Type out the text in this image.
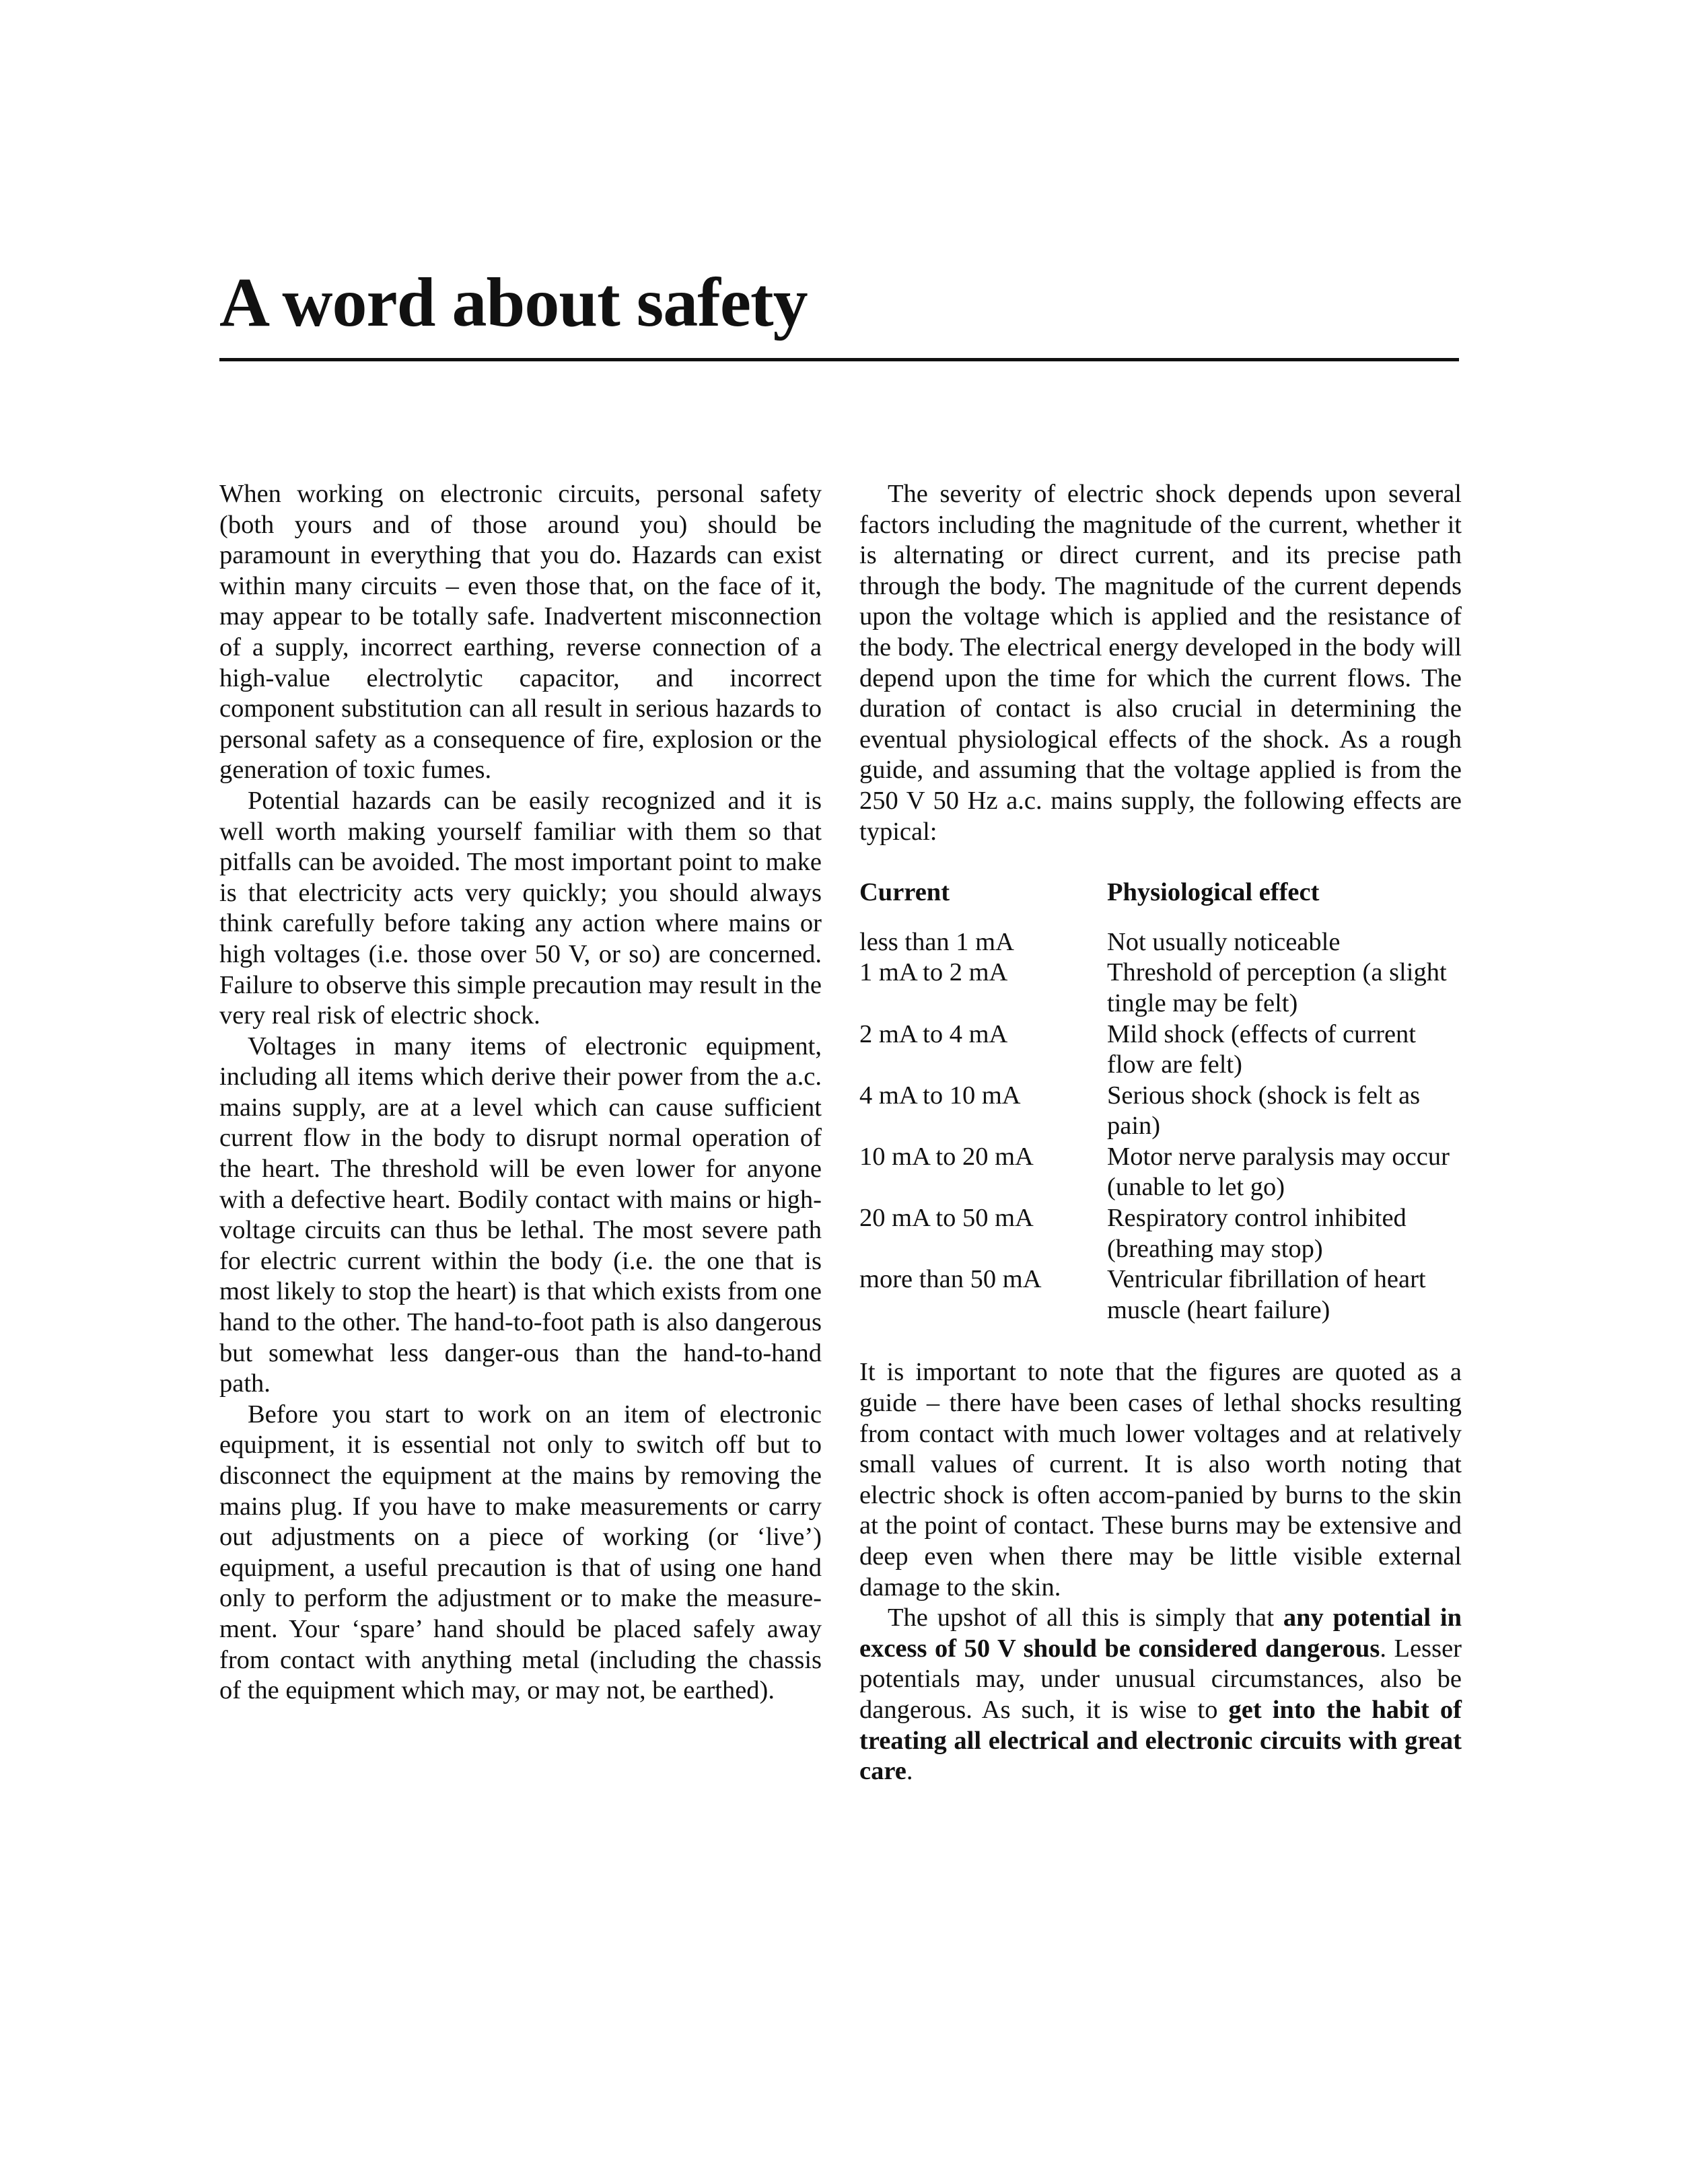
A word about safety

When working on electronic circuits, personal safety (both yours and of those around you) should be paramount in everything that you do. Hazards can exist within many circuits – even those that, on the face of it, may appear to be totally safe. Inadvertent misconnection of a supply, incorrect earthing, reverse connection of a high-value electrolytic capacitor, and incorrect component substitution can all result in serious hazards to personal safety as a consequence of fire, explosion or the generation of toxic fumes.

Potential hazards can be easily recognized and it is well worth making yourself familiar with them so that pitfalls can be avoided. The most important point to make is that electricity acts very quickly; you should always think carefully before taking any action where mains or high voltages (i.e. those over 50 V, or so) are concerned. Failure to observe this simple precaution may result in the very real risk of electric shock.

Voltages in many items of electronic equipment, including all items which derive their power from the a.c. mains supply, are at a level which can cause sufficient current flow in the body to disrupt normal operation of the heart. The threshold will be even lower for anyone with a defective heart. Bodily contact with mains or high-voltage circuits can thus be lethal. The most severe path for electric current within the body (i.e. the one that is most likely to stop the heart) is that which exists from one hand to the other. The hand-to-foot path is also dangerous but somewhat less danger-ous than the hand-to-hand path.

Before you start to work on an item of electronic equipment, it is essential not only to switch off but to disconnect the equipment at the mains by removing the mains plug. If you have to make measurements or carry out adjustments on a piece of working (or ‘live’) equipment, a useful precaution is that of using one hand only to perform the adjustment or to make the measure-ment. Your ‘spare’ hand should be placed safely away from contact with anything metal (including the chassis of the equipment which may, or may not, be earthed).

The severity of electric shock depends upon several factors including the magnitude of the current, whether it is alternating or direct current, and its precise path through the body. The magnitude of the current depends upon the voltage which is applied and the resistance of the body. The electrical energy developed in the body will depend upon the time for which the current flows. The duration of contact is also crucial in determining the eventual physiological effects of the shock. As a rough guide, and assuming that the voltage applied is from the 250 V 50 Hz a.c. mains supply, the following effects are typical:

Current	Physiological effect
less than 1 mA	Not usually noticeable
1 mA to 2 mA	Threshold of perception (a slight tingle may be felt)
2 mA to 4 mA	Mild shock (effects of current flow are felt)
4 mA to 10 mA	Serious shock (shock is felt as pain)
10 mA to 20 mA	Motor nerve paralysis may occur (unable to let go)
20 mA to 50 mA	Respiratory control inhibited (breathing may stop)
more than 50 mA	Ventricular fibrillation of heart muscle (heart failure)

It is important to note that the figures are quoted as a guide – there have been cases of lethal shocks resulting from contact with much lower voltages and at relatively small values of current. It is also worth noting that electric shock is often accom-panied by burns to the skin at the point of contact. These burns may be extensive and deep even when there may be little visible external damage to the skin.

The upshot of all this is simply that any potential in excess of 50 V should be considered dangerous. Lesser potentials may, under unusual circumstances, also be dangerous. As such, it is wise to get into the habit of treating all electrical and electronic circuits with great care.
